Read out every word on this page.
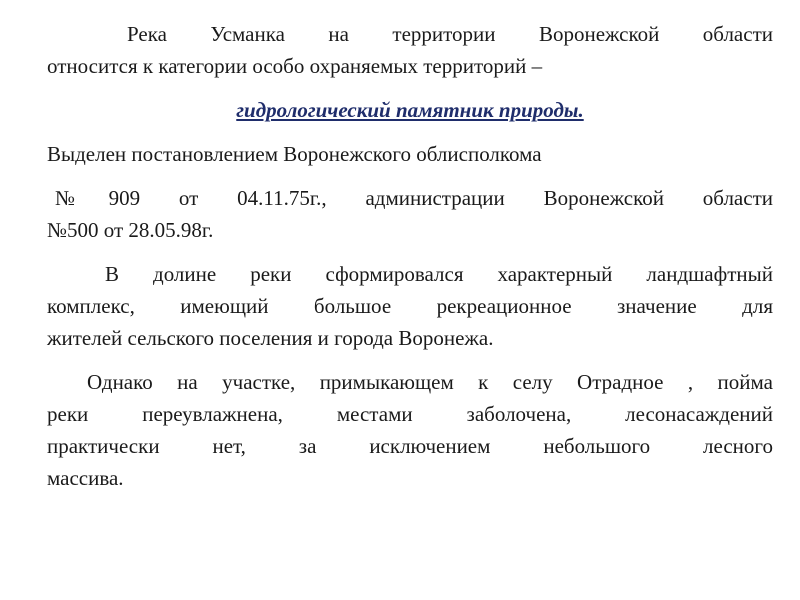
Река Усманка на территории Воронежской области
относится к категории особо охраняемых территорий –

гидрологический памятник природы.

Выделен постановлением Воронежского облисполкома

№909 от 04.11.75г., администрации Воронежской области
№500 от 28.05.98г.

В долине реки сформировался характерный ландшафтный
комплекс, имеющий большое рекреационное значение для
жителей сельского поселения и города Воронежа.

Однако на участке, примыкающем к селу Отрадное , пойма
реки переувлажнена, местами заболочена, лесонасаждений
практически нет, за исключением небольшого лесного
массива.
